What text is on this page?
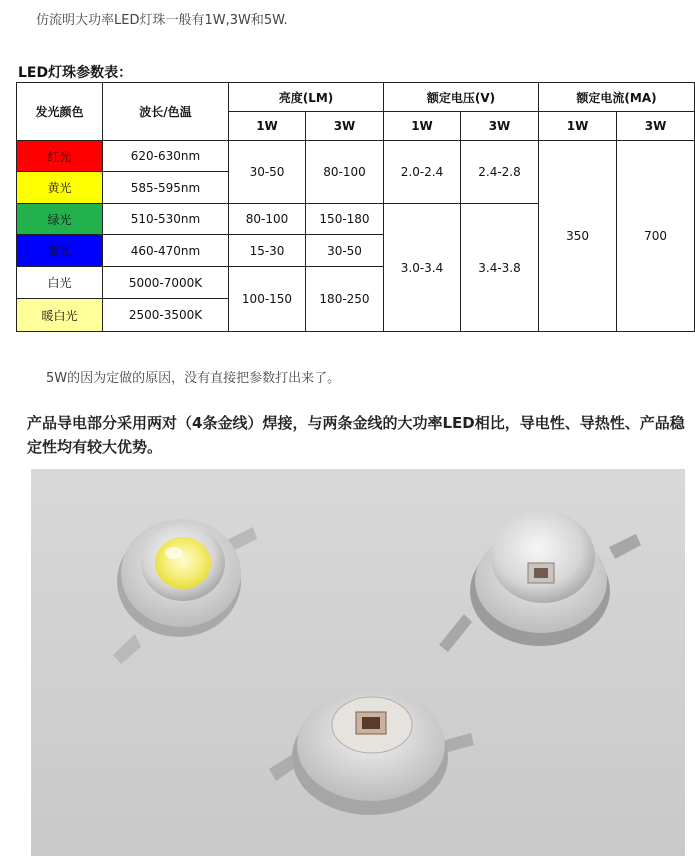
仿流明大功率LED灯珠一般有1W,3W和5W.
LED灯珠参数表：
发光颜色	波长/色温	亮度(LM)		额定电压(V)		额定电流(MA)	
		1W	3W	1W	3W	1W	3W
红光	620-630nm	30-50	80-100	2.0-2.4	2.4-2.8	350	700
黄光	585-595nm						
绿光	510-530nm	80-100	150-180	3.0-3.4	3.4-3.8		
蓝光	460-470nm	15-30	30-50				
白光	5000-7000K	100-150	180-250				
暖白光	2500-3500K						
5W的因为定做的原因，没有直接把参数打出来了。
产品导电部分采用两对（4条金线）焊接，与两条金线的大功率LED相比，导电性、导热性、产品稳定性均有较大优势。
